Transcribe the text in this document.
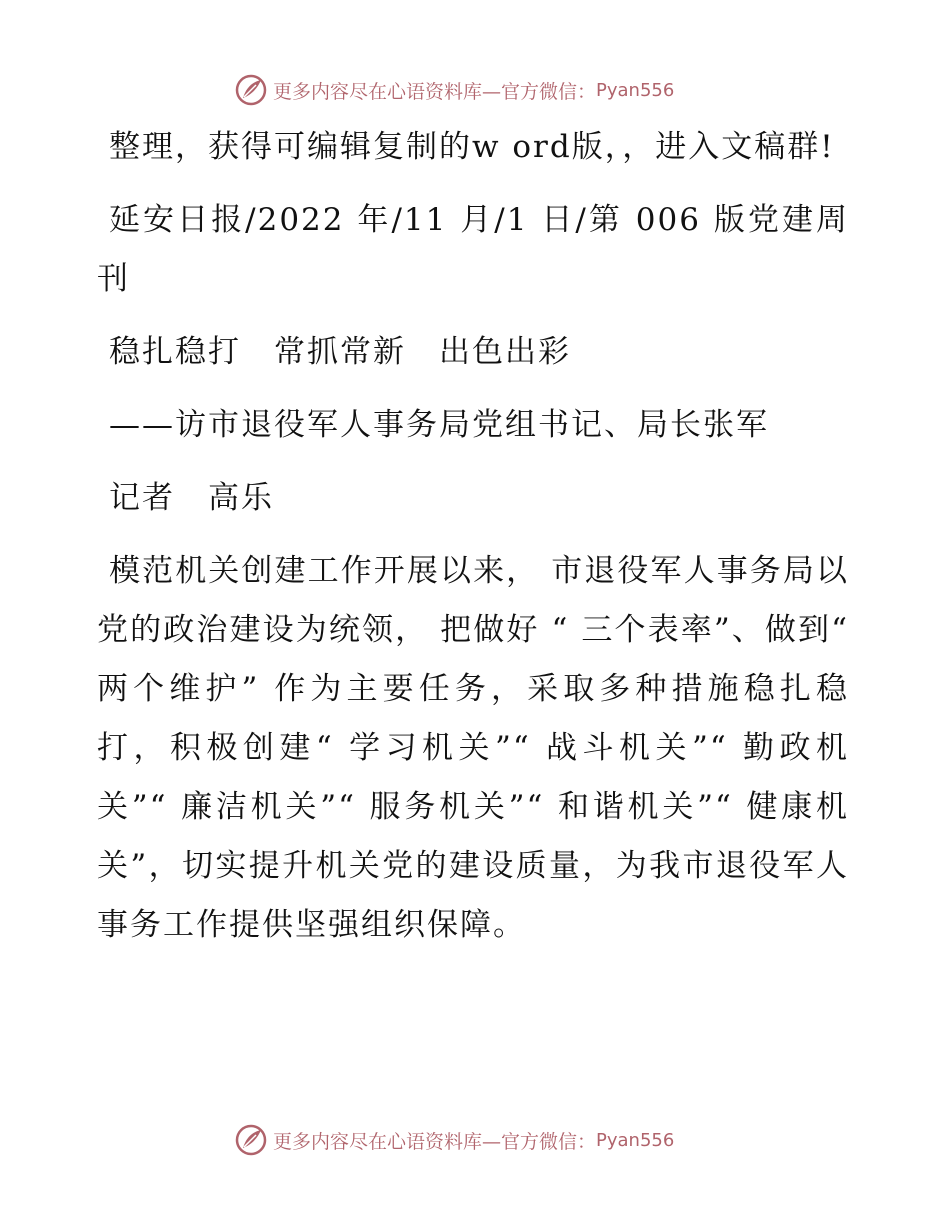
更多内容尽在心语资料库—官方微信： Pyan556

整理，获得可编辑复制的w ord版，，进入文稿群!

延安日报/2022 年/11 月/1 日/第 006 版党建周刊

稳扎稳打　常抓常新　出色出彩

——访市退役军人事务局党组书记、局长张军

记者　高乐

模范机关创建工作开展以来， 市退役军人事务局以党的政治建设为统领， 把做好 “ 三个表率”、做到“ 两个维护” 作为主要任务，采取多种措施稳扎稳打，积极创建“ 学习机关”“ 战斗机关”“ 勤政机关”“ 廉洁机关”“ 服务机关”“ 和谐机关”“ 健康机关”，切实提升机关党的建设质量，为我市退役军人事务工作提供坚强组织保障。

更多内容尽在心语资料库—官方微信： Pyan556
